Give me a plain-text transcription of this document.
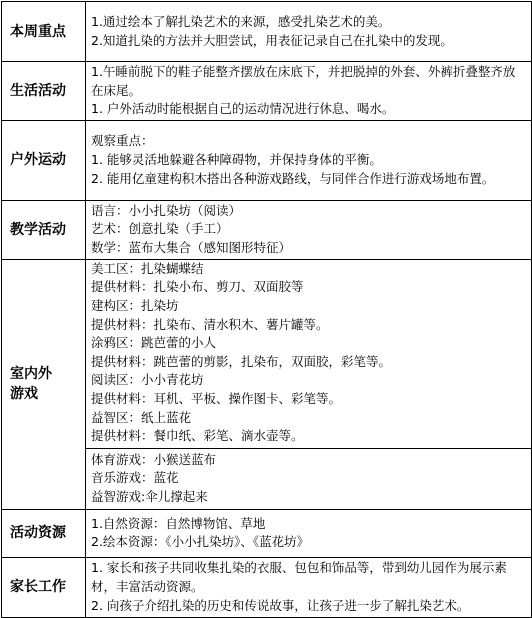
本周重点	
1.通过绘本了解扎染艺术的来源，感受扎染艺术的美。
2.知道扎染的方法并大胆尝试，用表征记录自己在扎染中的发现。

生活活动	
1.午睡前脱下的鞋子能整齐摆放在床底下，并把脱掉的外套、外裤折叠整齐放在床尾。
1. 户外活动时能根据自己的运动情况进行休息、喝水。

户外运动	
观察重点：
1. 能够灵活地躲避各种障碍物，并保持身体的平衡。
2. 能用亿童建构积木搭出各种游戏路线，与同伴合作进行游戏场地布置。

教学活动	
语言：小小扎染坊（阅读）
艺术：创意扎染（手工）
数学：蓝布大集合（感知图形特征）

室内外
游戏

美工区：扎染蝴蝶结
提供材料：扎染小布、剪刀、双面胶等
建构区：扎染坊
提供材料：扎染布、清水积木、薯片罐等。
涂鸦区：跳芭蕾的小人
提供材料：跳芭蕾的剪影，扎染布，双面胶，彩笔等。
阅读区：小小青花坊
提供材料：耳机、平板、操作图卡、彩笔等。
益智区：纸上蓝花
提供材料：餐巾纸、彩笔、滴水壶等。

体育游戏：小猴送蓝布
音乐游戏：蓝花
益智游戏:伞儿撑起来

活动资源	
1.自然资源：自然博物馆、草地
2.绘本资源：《小小扎染坊》、《蓝花坊》

家长工作	
1. 家长和孩子共同收集扎染的衣服、包包和饰品等，带到幼儿园作为展示素材，丰富活动资源。
2. 向孩子介绍扎染的历史和传说故事，让孩子进一步了解扎染艺术。
